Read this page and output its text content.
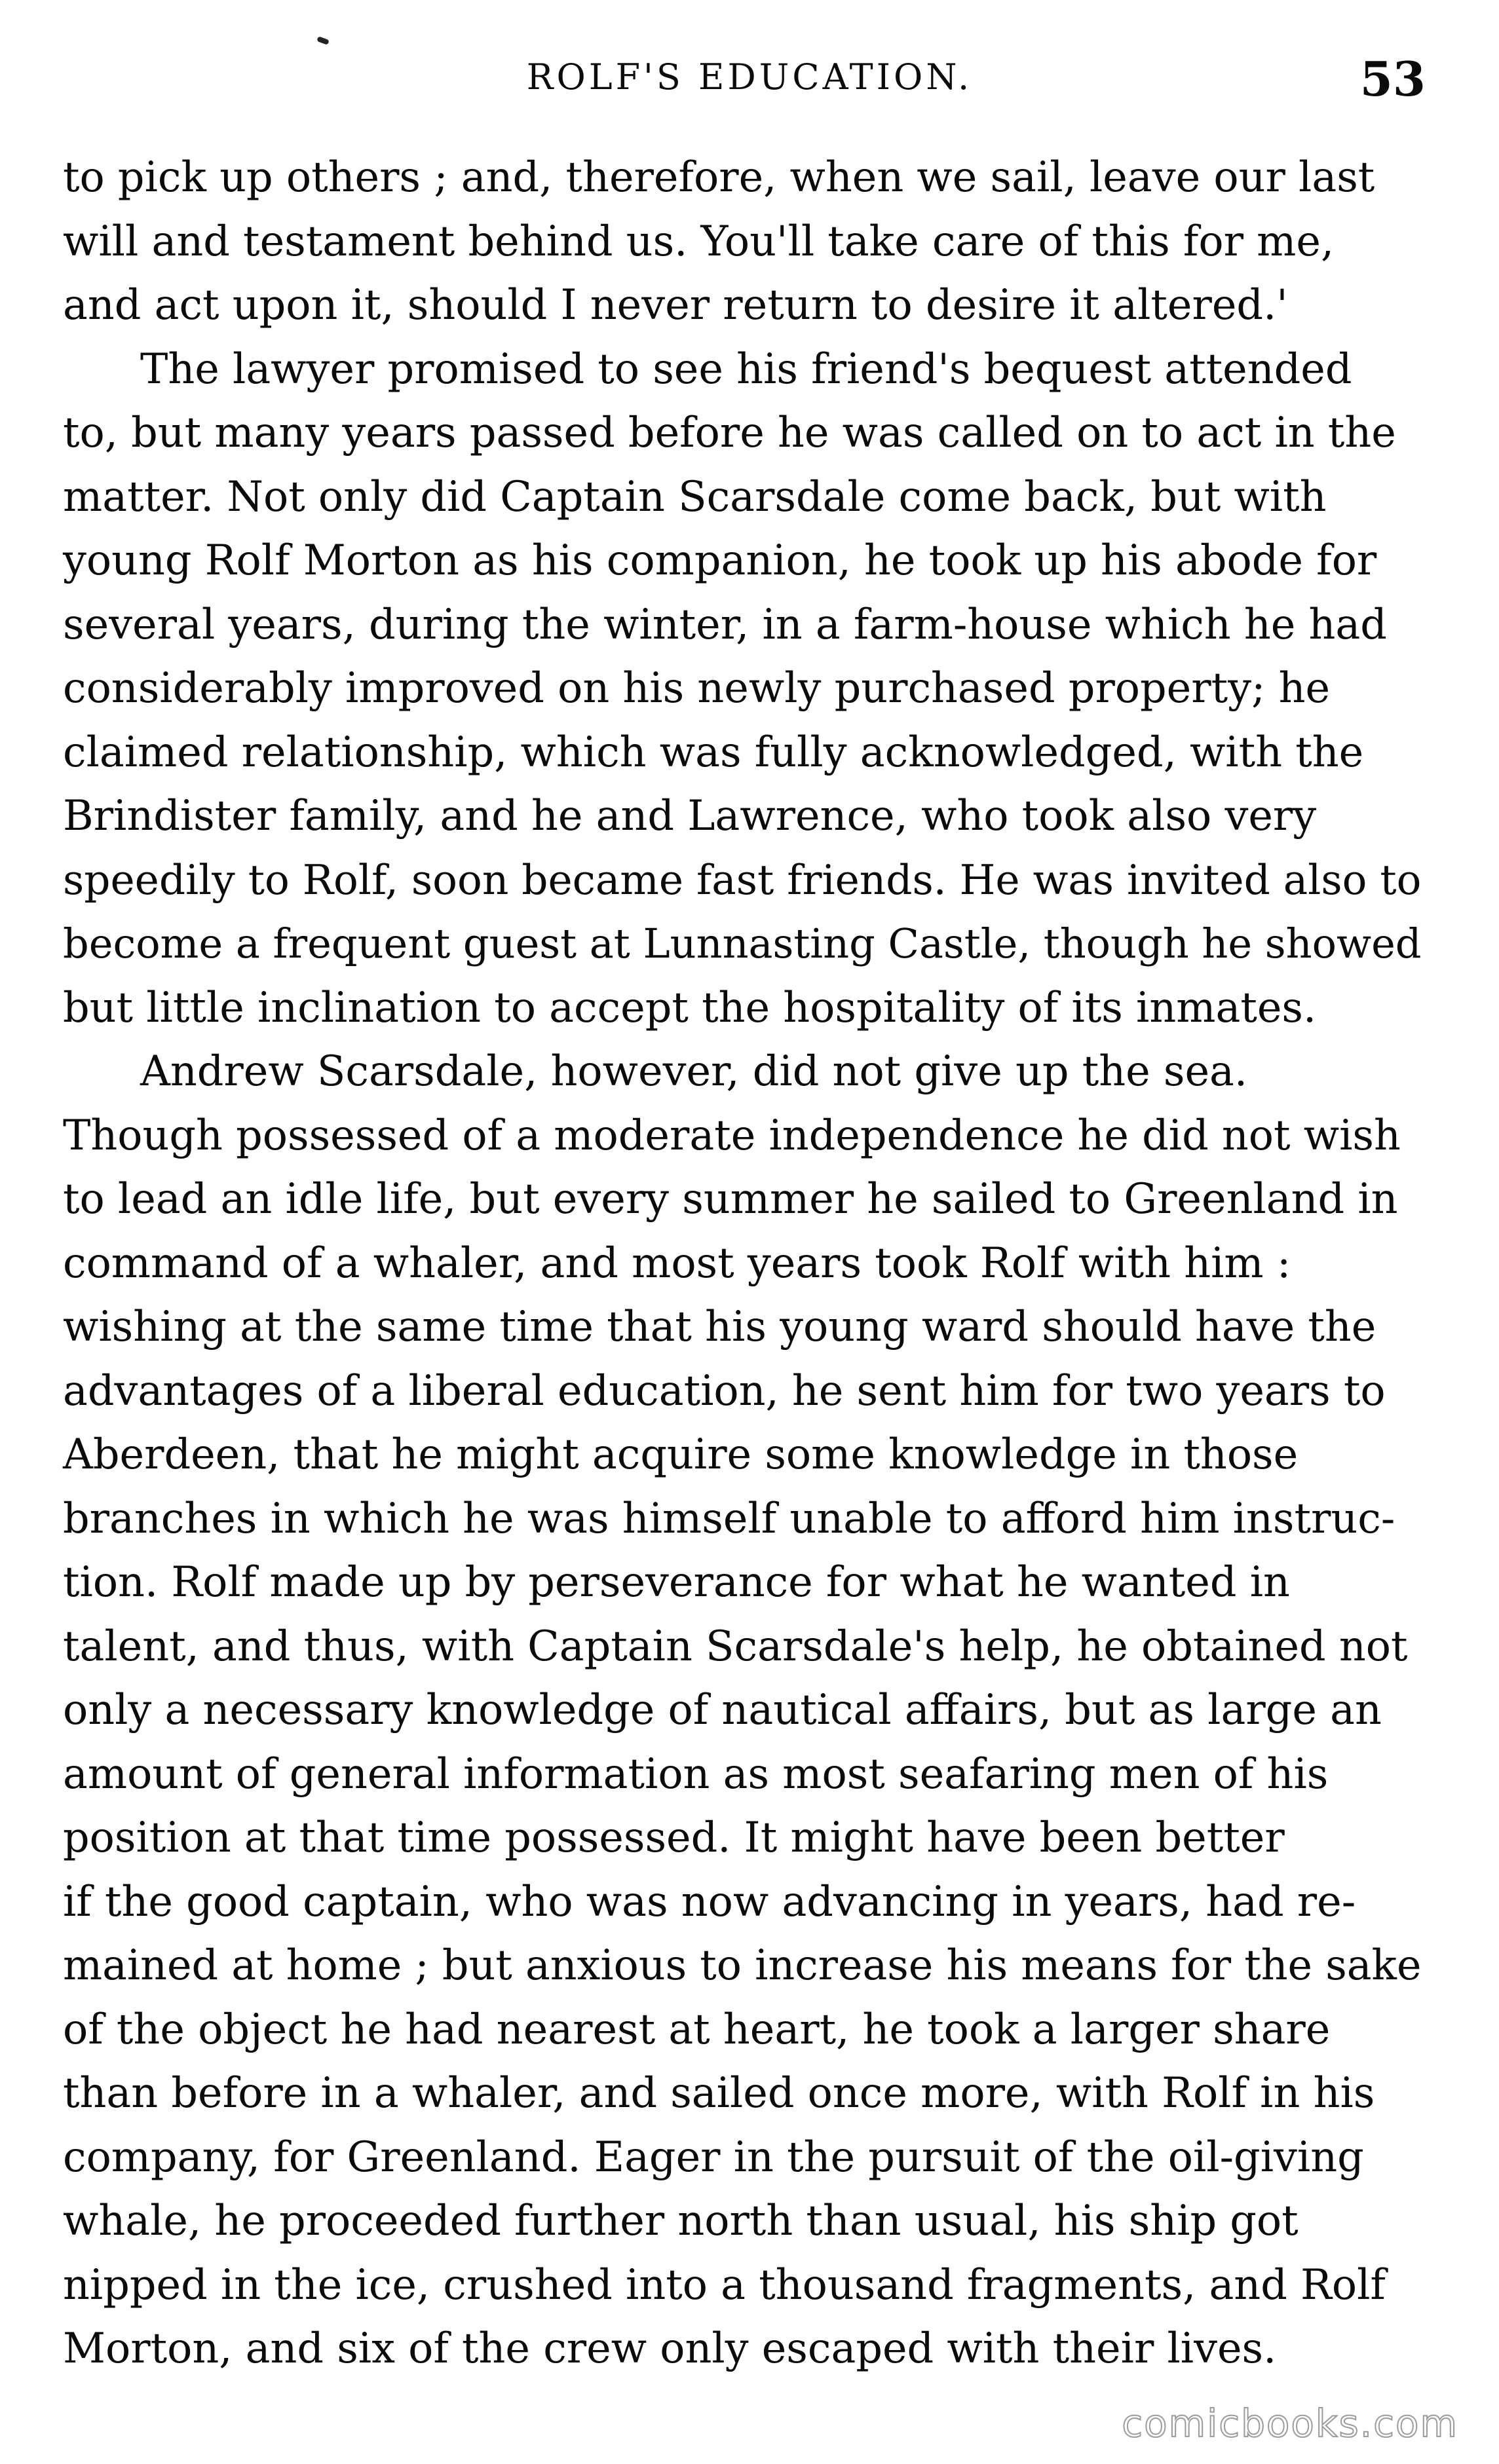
ROLF'S EDUCATION.	53

to pick up others ; and, therefore, when we sail, leave our last
will and testament behind us. You'll take care of this for me,
and act upon it, should I never return to desire it altered.'

The lawyer promised to see his friend's bequest attended
to, but many years passed before he was called on to act in the
matter. Not only did Captain Scarsdale come back, but with
young Rolf Morton as his companion, he took up his abode for
several years, during the winter, in a farm-house which he had
considerably improved on his newly purchased property; he
claimed relationship, which was fully acknowledged, with the
Brindister family, and he and Lawrence, who took also very
speedily to Rolf, soon became fast friends. He was invited also to
become a frequent guest at Lunnasting Castle, though he showed
but little inclination to accept the hospitality of its inmates.

Andrew Scarsdale, however, did not give up the sea.
Though possessed of a moderate independence he did not wish
to lead an idle life, but every summer he sailed to Greenland in
command of a whaler, and most years took Rolf with him :
wishing at the same time that his young ward should have the
advantages of a liberal education, he sent him for two years to
Aberdeen, that he might acquire some knowledge in those
branches in which he was himself unable to afford him instruc-
tion. Rolf made up by perseverance for what he wanted in
talent, and thus, with Captain Scarsdale's help, he obtained not
only a necessary knowledge of nautical affairs, but as large an
amount of general information as most seafaring men of his
position at that time possessed. It might have been better
if the good captain, who was now advancing in years, had re-
mained at home ; but anxious to increase his means for the sake
of the object he had nearest at heart, he took a larger share
than before in a whaler, and sailed once more, with Rolf in his
company, for Greenland. Eager in the pursuit of the oil-giving
whale, he proceeded further north than usual, his ship got
nipped in the ice, crushed into a thousand fragments, and Rolf
Morton, and six of the crew only escaped with their lives.

comicbooks.com
